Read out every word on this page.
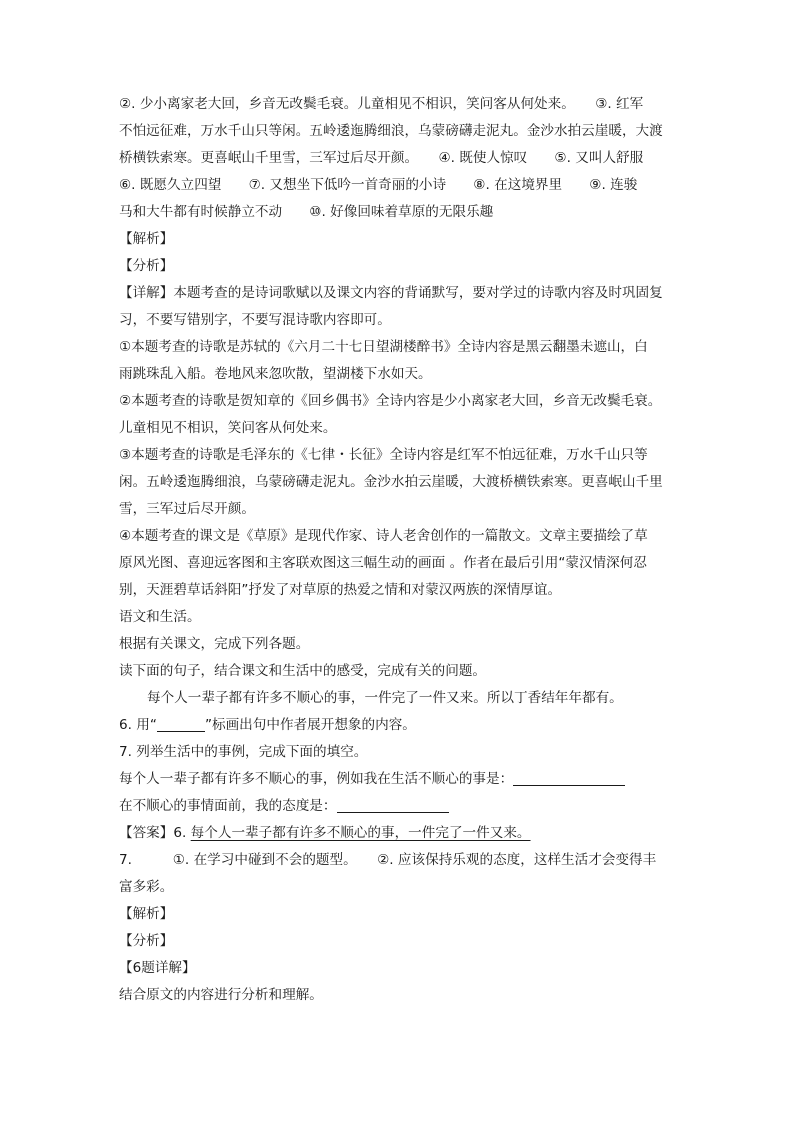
②. 少小离家老大回，乡音无改鬓毛衰。儿童相见不相识，笑问客从何处来。　　③. 红军
不怕远征难，万水千山只等闲。五岭逶迤腾细浪，乌蒙磅礴走泥丸。金沙水拍云崖暖，大渡
桥横铁索寒。更喜岷山千里雪，三军过后尽开颜。　　④. 既使人惊叹　　⑤. 又叫人舒服
⑥. 既愿久立四望　　⑦. 又想坐下低吟一首奇丽的小诗　　⑧. 在这境界里　　⑨. 连骏
马和大牛都有时候静立不动　　⑩. 好像回味着草原的无限乐趣
【解析】
【分析】
【详解】本题考查的是诗词歌赋以及课文内容的背诵默写，要对学过的诗歌内容及时巩固复
习，不要写错别字，不要写混诗歌内容即可。
①本题考查的诗歌是苏轼的《六月二十七日望湖楼醉书》全诗内容是黑云翻墨未遮山，白
雨跳珠乱入船。卷地风来忽吹散，望湖楼下水如天。
②本题考查的诗歌是贺知章的《回乡偶书》全诗内容是少小离家老大回，乡音无改鬓毛衰。
儿童相见不相识，笑问客从何处来。
③本题考查的诗歌是毛泽东的《七律・长征》全诗内容是红军不怕远征难，万水千山只等
闲。五岭逶迤腾细浪，乌蒙磅礴走泥丸。金沙水拍云崖暖，大渡桥横铁索寒。更喜岷山千里
雪，三军过后尽开颜。
④本题考查的课文是《草原》是现代作家、诗人老舍创作的一篇散文。文章主要描绘了草
原风光图、喜迎远客图和主客联欢图这三幅生动的画面 。作者在最后引用“蒙汉情深何忍
别，天涯碧草话斜阳”抒发了对草原的热爱之情和对蒙汉两族的深情厚谊。
语文和生活。
根据有关课文，完成下列各题。
读下面的句子，结合课文和生活中的感受，完成有关的问题。
每个人一辈子都有许多不顺心的事，一件完了一件又来。所以丁香结年年都有。
6. 用“	”标画出句中作者展开想象的内容。
7. 列举生活中的事例，完成下面的填空。
每个人一辈子都有许多不顺心的事，例如我在生活不顺心的事是：
在不顺心的事情面前，我的态度是：
【答案】6. 每个人一辈子都有许多不顺心的事，一件完了一件又来。
7.　　　①. 在学习中碰到不会的题型。　　②. 应该保持乐观的态度，这样生活才会变得丰
富多彩。
【解析】
【分析】
【6题详解】
结合原文的内容进行分析和理解。
